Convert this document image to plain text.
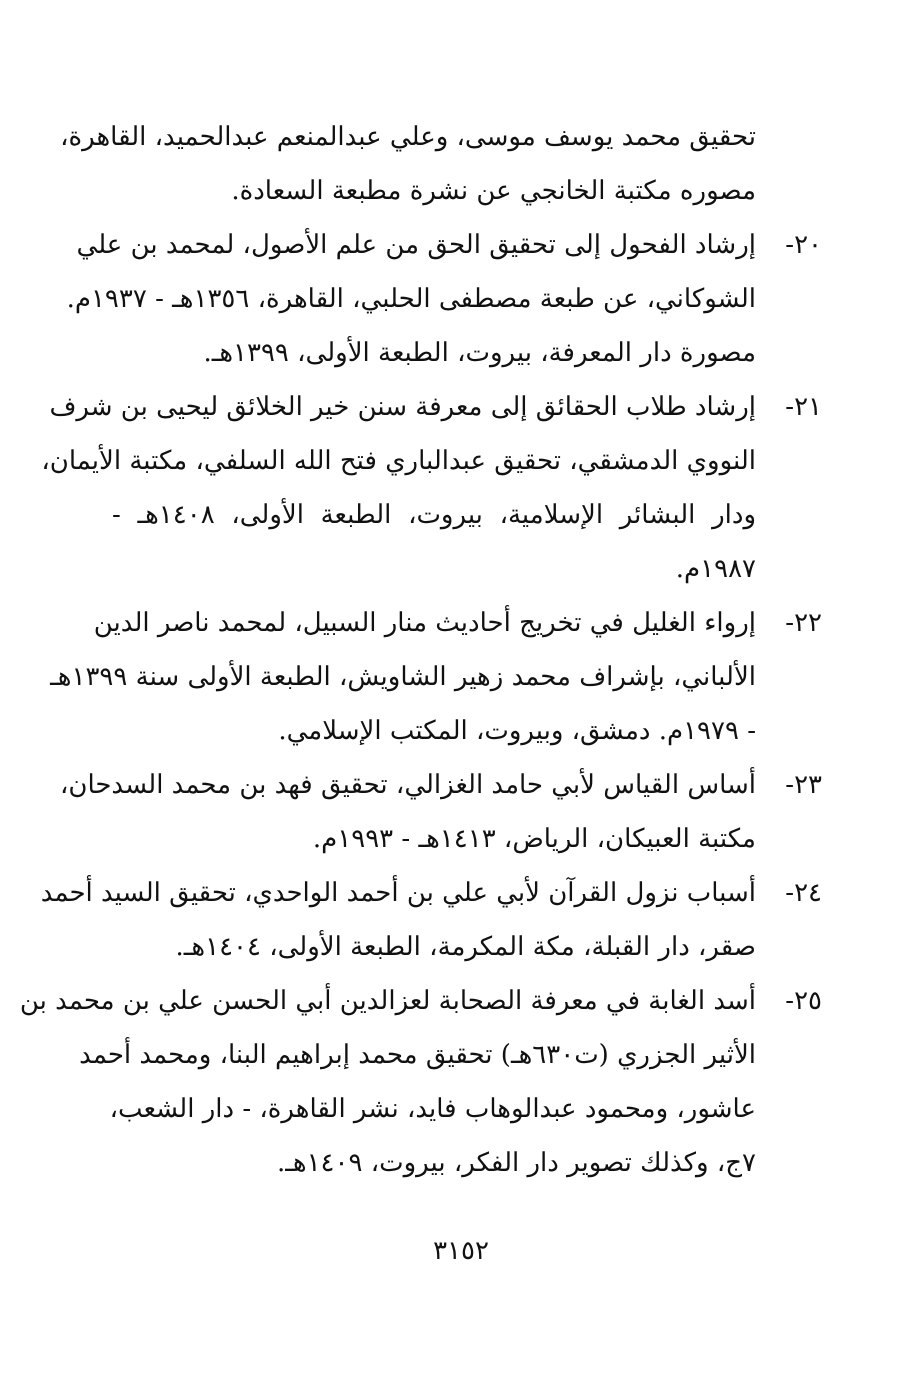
تحقيق محمد يوسف موسى، وعلي عبدالمنعم عبدالحميد، القاهرة،
مصوره مكتبة الخانجي عن نشرة مطبعة السعادة.
٢٠-
إرشاد الفحول إلى تحقيق الحق من علم الأصول، لمحمد بن علي
الشوكاني، عن طبعة مصطفى الحلبي، القاهرة، ١٣٥٦هـ - ١٩٣٧م.
مصورة دار المعرفة، بيروت، الطبعة الأولى، ١٣٩٩هـ.
٢١-
إرشاد طلاب الحقائق إلى معرفة سنن خير الخلائق ليحيى بن شرف
النووي الدمشقي، تحقيق عبدالباري فتح الله السلفي، مكتبة الأيمان،
ودار البشائر الإسلامية، بيروت، الطبعة الأولى، ١٤٠٨هـ -
١٩٨٧م.
٢٢-
إرواء الغليل في تخريج أحاديث منار السبيل، لمحمد ناصر الدين
الألباني، بإشراف محمد زهير الشاويش، الطبعة الأولى سنة ١٣٩٩هـ
- ١٩٧٩م. دمشق، وبيروت، المكتب الإسلامي.
٢٣-
أساس القياس لأبي حامد الغزالي، تحقيق فهد بن محمد السدحان،
مكتبة العبيكان، الرياض، ١٤١٣هـ - ١٩٩٣م.
٢٤-
أسباب نزول القرآن لأبي علي بن أحمد الواحدي، تحقيق السيد أحمد
صقر، دار القبلة، مكة المكرمة، الطبعة الأولى، ١٤٠٤هـ.
٢٥-
أسد الغابة في معرفة الصحابة لعزالدين أبي الحسن علي بن محمد بن
الأثير الجزري (ت٦٣٠هـ) تحقيق محمد إبراهيم البنا، ومحمد أحمد
عاشور، ومحمود عبدالوهاب فايد، نشر القاهرة، - دار الشعب،
٧ج، وكذلك تصوير دار الفكر، بيروت، ١٤٠٩هـ.
٣١٥٢
